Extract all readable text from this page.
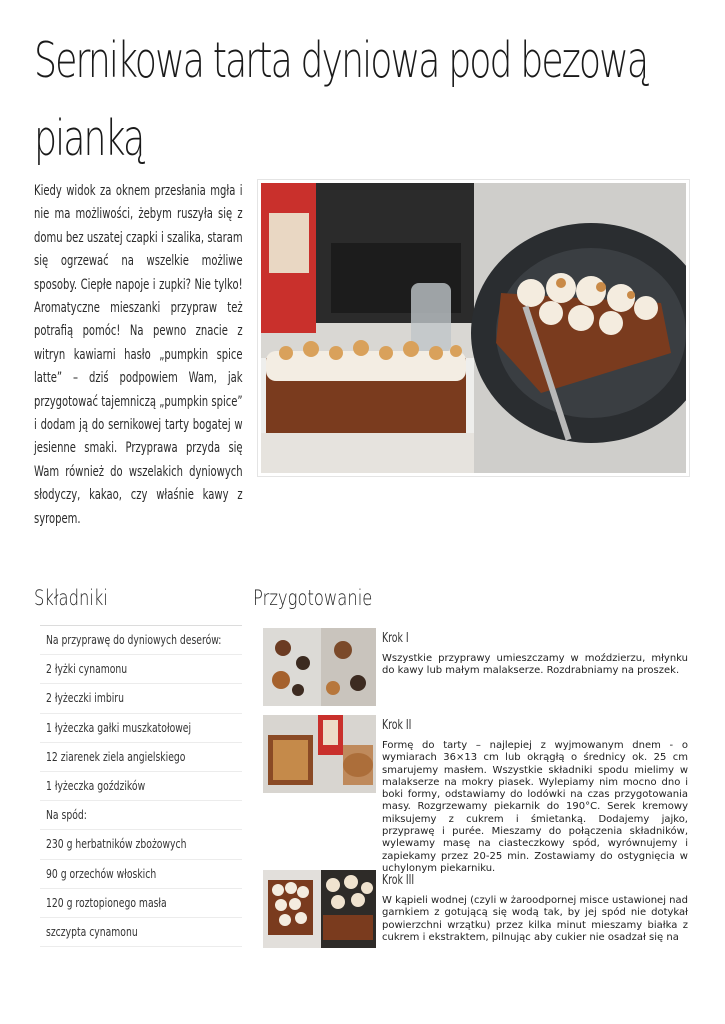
Sernikowa tarta dyniowa pod bezową pianką

Kiedy widok za oknem przesłania mgła i nie ma możliwości, żebym ruszyła się z domu bez uszatej czapki i szalika, staram się ogrzewać na wszelkie możliwe sposoby. Ciepłe napoje i zupki? Nie tylko! Aromatyczne mieszanki przypraw też potrafią pomóc! Na pewno znacie z witryn kawiarni hasło „pumpkin spice latte” – dziś podpowiem Wam, jak przygotować tajemniczą „pumpkin spice” i dodam ją do sernikowej tarty bogatej w jesienne smaki. Przyprawa przyda się Wam również do wszelakich dyniowych słodyczy, kakao, czy właśnie kawy z syropem.

Składniki	Przygotowanie
Na przyprawę do dyniowych deserów:
2 łyżki cynamonu
2 łyżeczki imbiru
1 łyżeczka gałki muszkatołowej
12 ziarenek ziela angielskiego
1 łyżeczka goździków
Na spód:
230 g herbatników zbożowych
90 g orzechów włoskich
120 g roztopionego masła
szczypta cynamonu

Krok I

Wszystkie przyprawy umieszczamy w moździerzu, młynku do kawy lub małym malakserze. Rozdrabniamy na proszek.

Krok II

Formę do tarty – najlepiej z wyjmowanym dnem - o wymiarach 36×13 cm lub okrągłą o średnicy ok. 25 cm smarujemy masłem. Wszystkie składniki spodu mielimy w malakserze na mokry piasek. Wylepiamy nim mocno dno i boki formy, odstawiamy do lodówki na czas przygotowania masy. Rozgrzewamy piekarnik do 190°C. Serek kremowy miksujemy z cukrem i śmietanką. Dodajemy jajko, przyprawę i purée. Mieszamy do połączenia składników, wylewamy masę na ciasteczkowy spód, wyrównujemy i zapiekamy przez 20-25 min. Zostawiamy do ostygnięcia w uchylonym piekarniku.

Krok III

W kąpieli wodnej (czyli w żaroodpornej misce ustawionej nad garnkiem z gotującą się wodą tak, by jej spód nie dotykał powierzchni wrzątku) przez kilka minut mieszamy białka z cukrem i ekstraktem, pilnując aby cukier nie osadzał się na
